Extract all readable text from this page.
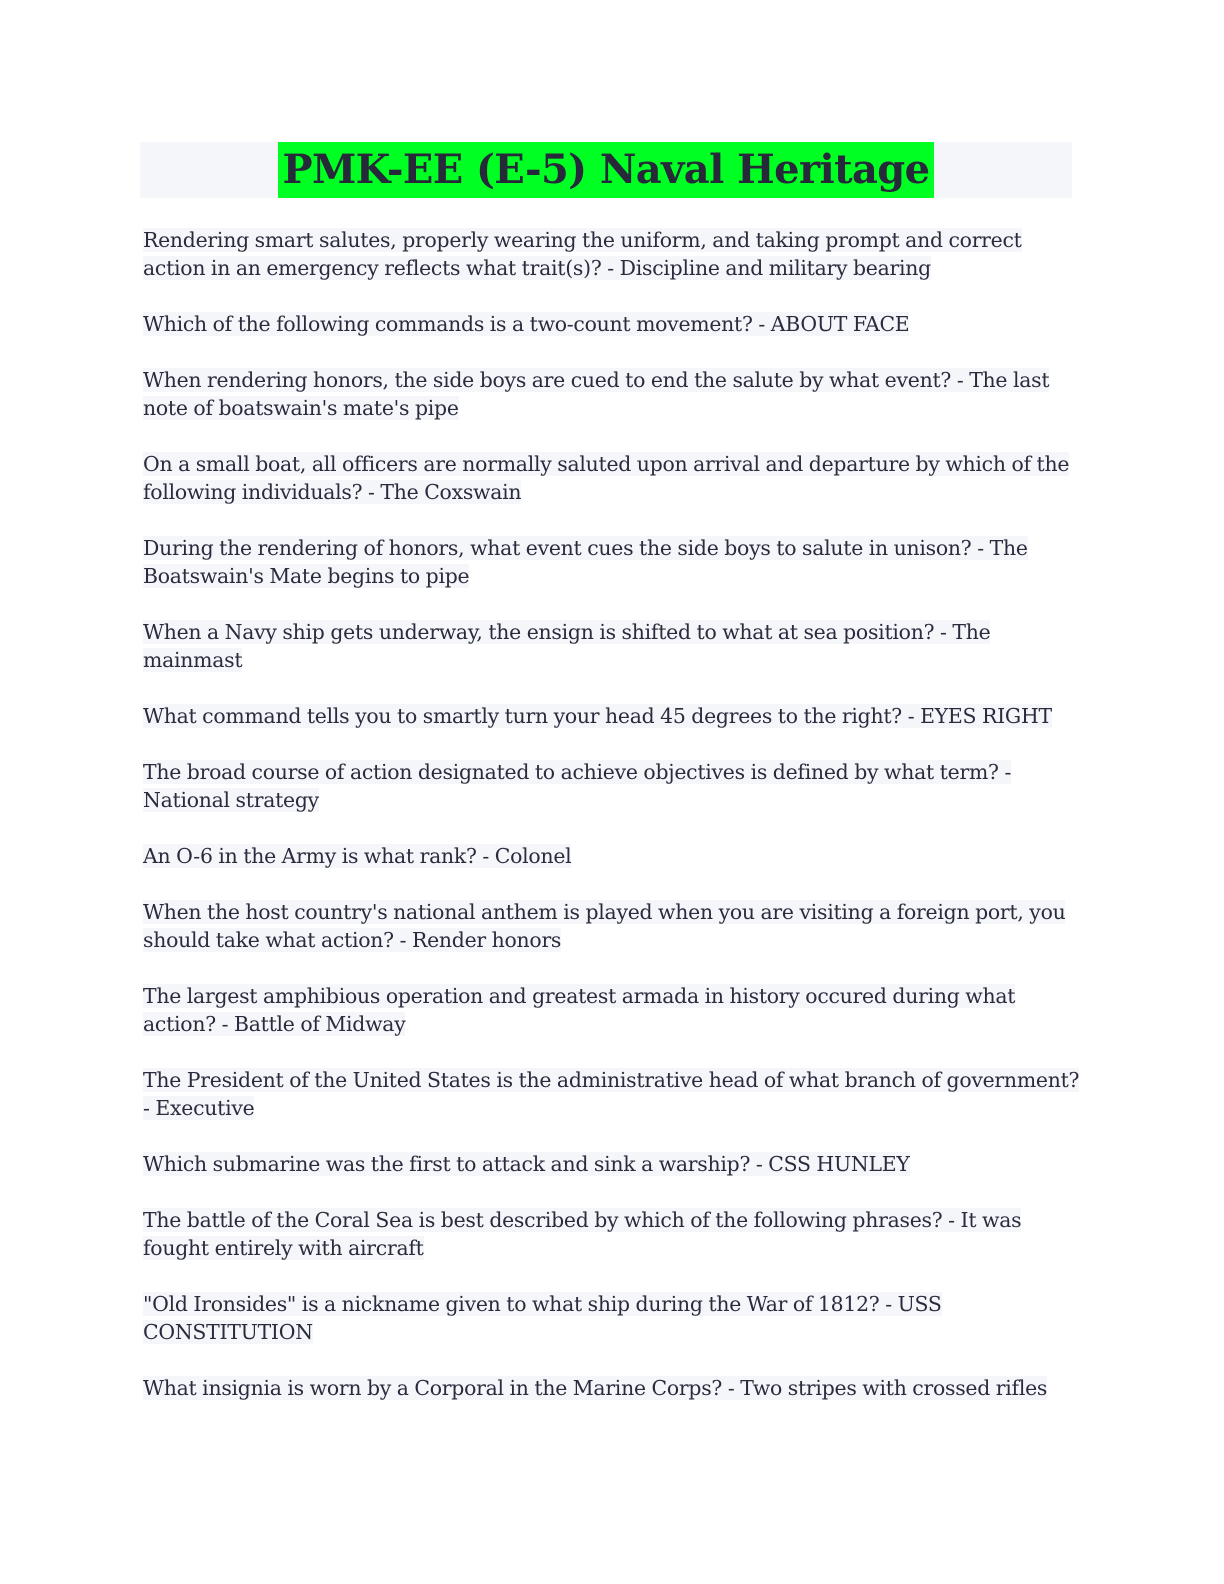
PMK-EE (E-5) Naval Heritage
Rendering smart salutes, properly wearing the uniform, and taking prompt and correct action in an emergency reflects what trait(s)? - Discipline and military bearing
Which of the following commands is a two-count movement? - ABOUT FACE
When rendering honors, the side boys are cued to end the salute by what event? - The last note of boatswain's mate's pipe
On a small boat, all officers are normally saluted upon arrival and departure by which of the following individuals? - The Coxswain
During the rendering of honors, what event cues the side boys to salute in unison? - The Boatswain's Mate begins to pipe
When a Navy ship gets underway, the ensign is shifted to what at sea position? - The mainmast
What command tells you to smartly turn your head 45 degrees to the right? - EYES RIGHT
The broad course of action designated to achieve objectives is defined by what term? - National strategy
An O-6 in the Army is what rank? - Colonel
When the host country's national anthem is played when you are visiting a foreign port, you should take what action? - Render honors
The largest amphibious operation and greatest armada in history occured during what action? - Battle of Midway
The President of the United States is the administrative head of what branch of government? - Executive
Which submarine was the first to attack and sink a warship? - CSS HUNLEY
The battle of the Coral Sea is best described by which of the following phrases? - It was fought entirely with aircraft
"Old Ironsides" is a nickname given to what ship during the War of 1812? - USS CONSTITUTION
What insignia is worn by a Corporal in the Marine Corps? - Two stripes with crossed rifles
